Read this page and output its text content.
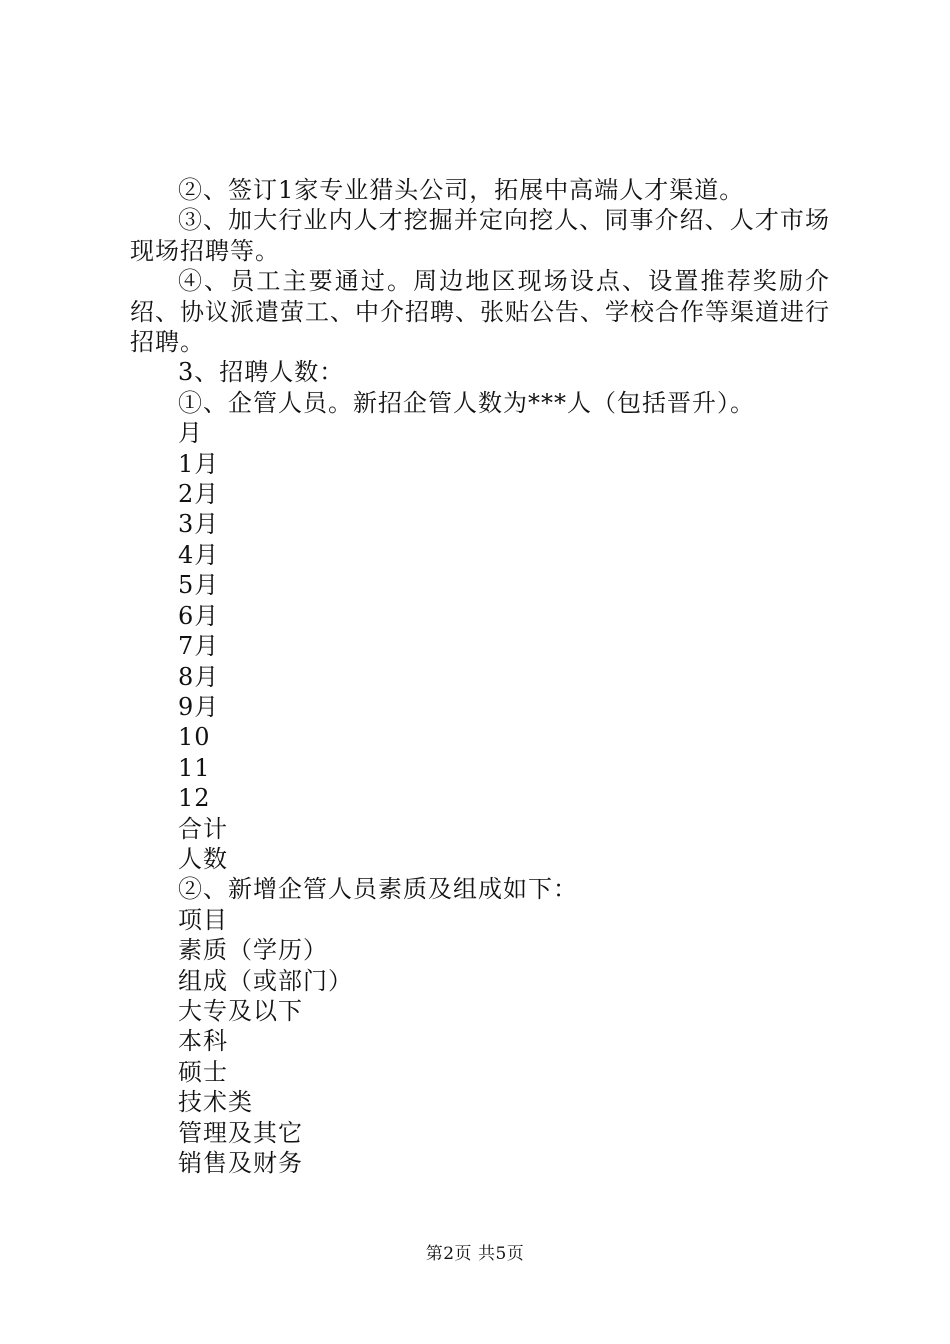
②、签订1家专业猎头公司，拓展中高端人才渠道。

③、加大行业内人才挖掘并定向挖人、同事介绍、人才市场现场招聘等。

④、员工主要通过。周边地区现场设点、设置推荐奖励介绍、协议派遣萤工、中介招聘、张贴公告、学校合作等渠道进行招聘。

3、招聘人数：

①、企管人员。新招企管人数为***人（包括晋升）。

月

1月

2月

3月

4月

5月

6月

7月

8月

9月

10

11

12

合计

人数

②、新增企管人员素质及组成如下：

项目

素质（学历）

组成（或部门）

大专及以下

本科

硕士

技术类

管理及其它

销售及财务

第2页 共5页
